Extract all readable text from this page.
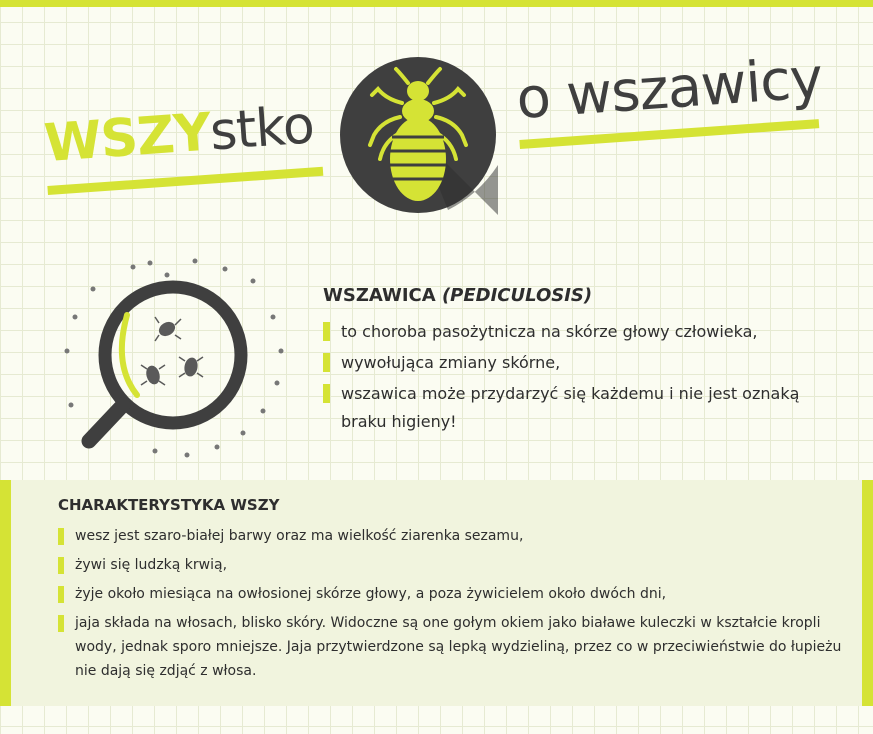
WSZYstko	o wszawicy
WSZAWICA (PEDICULOSIS)
to choroba pasożytnicza na skórze głowy człowieka,
wywołująca zmiany skórne,
wszawica może przydarzyć się każdemu i nie jest oznaką braku higieny!
CHARAKTERYSTYKA WSZY
wesz jest szaro-białej barwy oraz ma wielkość ziarenka sezamu,
żywi się ludzką krwią,
żyje około miesiąca na owłosionej skórze głowy, a poza żywicielem około dwóch dni,
jaja składa na włosach, blisko skóry. Widoczne są one gołym okiem jako białawe kuleczki w kształcie kropli wody, jednak sporo mniejsze. Jaja przytwierdzone są lepką wydzieliną, przez co w przeciwieństwie do łupieżu nie dają się zdjąć z włosa.
